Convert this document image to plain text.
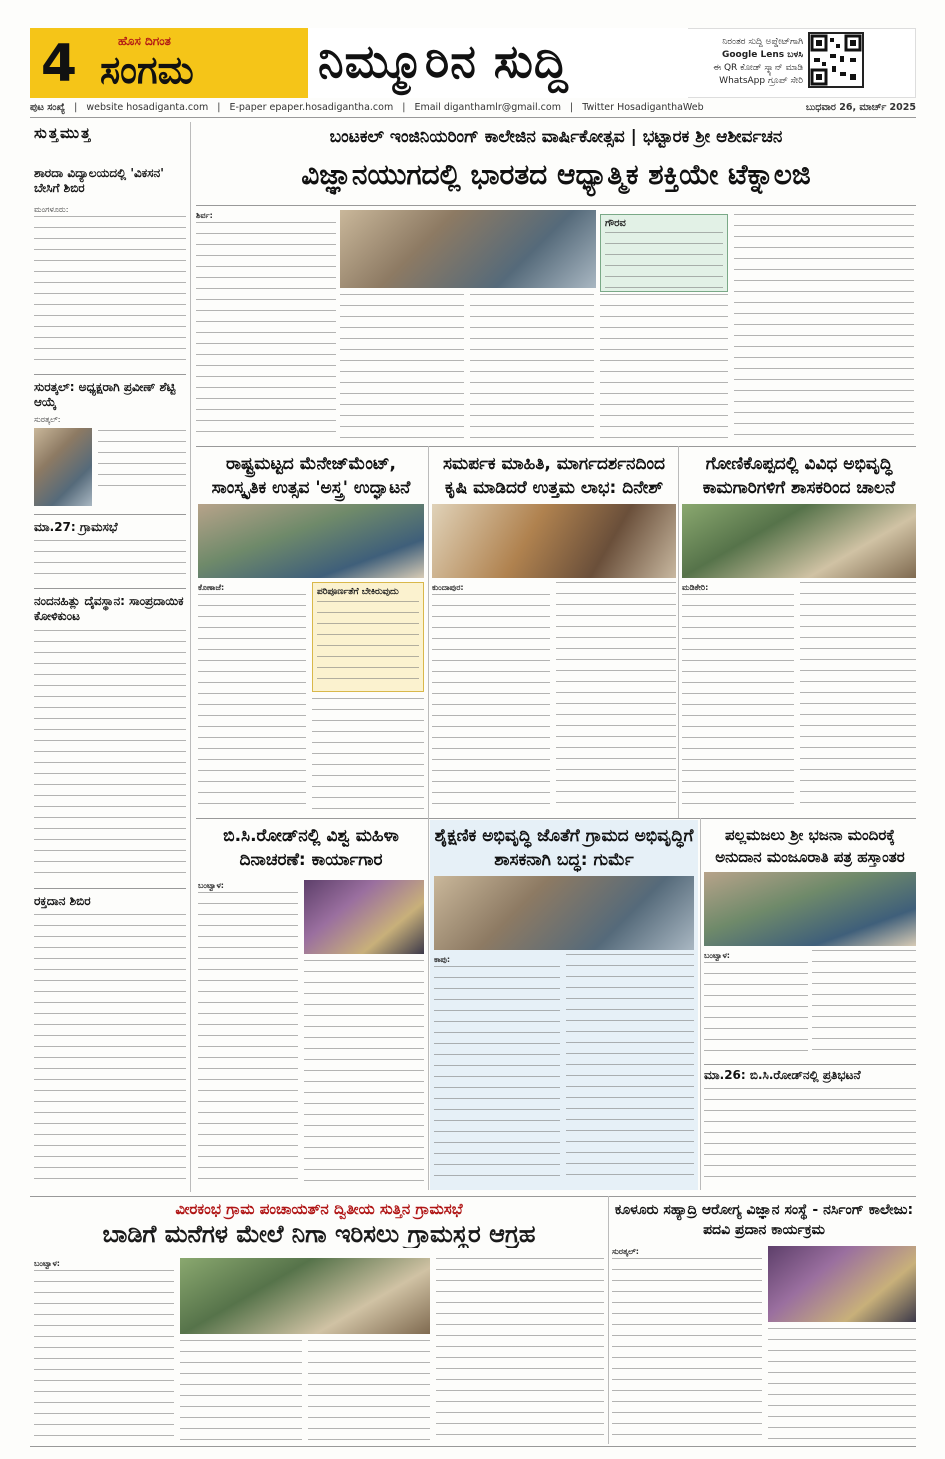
4	ಹೊಸ ದಿಗಂತ
ಸಂಗಮ	ನಿಮ್ಮೂರಿನ ಸುದ್ದಿ	ನಿರಂತರ ಸುದ್ದಿ ಅಪ್ಡೇಟ್‌ಗಾಗಿ
Google Lens ಬಳಸಿ
ಈ QR ಕೋಡ್ ಸ್ಕ್ಯಾನ್ ಮಾಡಿ
WhatsApp ಗ್ರೂಪ್ ಸೇರಿ
ಪುಟ ಸಂಖ್ಯೆ | website hosadiganta.com | E-paper epaper.hosadigantha.com | Email diganthamlr@gmail.com | Twitter HosadiganthaWeb	ಬುಧವಾರ 26, ಮಾರ್ಚ್ 2025
ಸುತ್ತಮುತ್ತ
ಶಾರದಾ ವಿದ್ಯಾಲಯದಲ್ಲಿ 'ವಿಕಸನ' ಬೇಸಿಗೆ ಶಿಬಿರ
ಮಂಗಳೂರು:
ಸುರತ್ಕಲ್: ಅಧ್ಯಕ್ಷರಾಗಿ ಪ್ರವೀಣ್ ಶೆಟ್ಟಿ ಆಯ್ಕೆ
ಸುರತ್ಕಲ್:
ಮಾ.27: ಗ್ರಾಮಸಭೆ
ನಂದನಹಿತ್ಲು ದೈವಸ್ಥಾನ: ಸಾಂಪ್ರದಾಯಿಕ ಕೋಳಿಕುಂಟ
ರಕ್ತದಾನ ಶಿಬಿರ
ಬಂಟಕಲ್ ಇಂಜಿನಿಯರಿಂಗ್ ಕಾಲೇಜಿನ ವಾರ್ಷಿಕೋತ್ಸವ | ಭಟ್ಟಾರಕ ಶ್ರೀ ಆಶೀರ್ವಚನ
ವಿಜ್ಞಾನಯುಗದಲ್ಲಿ ಭಾರತದ ಆಧ್ಯಾತ್ಮಿಕ ಶಕ್ತಿಯೇ ಟೆಕ್ನಾಲಜಿ
ಶಿರ್ವ:
ಗೌರವ
ರಾಷ್ಟ್ರಮಟ್ಟದ ಮೆನೇಜ್‌ಮೆಂಟ್, ಸಾಂಸ್ಕೃತಿಕ ಉತ್ಸವ 'ಅಸ್ತ್ರ' ಉದ್ಘಾಟನೆ
ಕೊಣಾಜೆ:	ಪರಿಪೂರ್ಣತೆಗೆ ಬೇಕಿರುವುದು
ಸಮರ್ಪಕ ಮಾಹಿತಿ, ಮಾರ್ಗದರ್ಶನದಿಂದ ಕೃಷಿ ಮಾಡಿದರೆ ಉತ್ತಮ ಲಾಭ: ದಿನೇಶ್
ಕುಂದಾಪುರ:
ಗೋಣಿಕೊಪ್ಪದಲ್ಲಿ ವಿವಿಧ ಅಭಿವೃದ್ಧಿ ಕಾಮಗಾರಿಗಳಿಗೆ ಶಾಸಕರಿಂದ ಚಾಲನೆ
ಮಡಿಕೇರಿ:
ಬಿ.ಸಿ.ರೋಡ್‌ನಲ್ಲಿ ವಿಶ್ವ ಮಹಿಳಾ ದಿನಾಚರಣೆ: ಕಾರ್ಯಾಗಾರ
ಬಂಟ್ವಾಳ:
ಶೈಕ್ಷಣಿಕ ಅಭಿವೃದ್ಧಿ ಜೊತೆಗೆ ಗ್ರಾಮದ ಅಭಿವೃದ್ಧಿಗೆ ಶಾಸಕನಾಗಿ ಬದ್ಧ: ಗುರ್ಮೆ
ಕಾಪು:
ಪಲ್ಲಮಜಲು ಶ್ರೀ ಭಜನಾ ಮಂದಿರಕ್ಕೆ ಅನುದಾನ ಮಂಜೂರಾತಿ ಪತ್ರ ಹಸ್ತಾಂತರ
ಬಂಟ್ವಾಳ:
ಮಾ.26: ಬಿ.ಸಿ.ರೋಡ್‌ನಲ್ಲಿ ಪ್ರತಿಭಟನೆ
ವೀರಕಂಭ ಗ್ರಾಮ ಪಂಚಾಯತ್‌ನ ದ್ವಿತೀಯ ಸುತ್ತಿನ ಗ್ರಾಮಸಭೆ
ಬಾಡಿಗೆ ಮನೆಗಳ ಮೇಲೆ ನಿಗಾ ಇರಿಸಲು ಗ್ರಾಮಸ್ಥರ ಆಗ್ರಹ
ಬಂಟ್ವಾಳ:
ಕೂಳೂರು ಸಹ್ಯಾದ್ರಿ ಆರೋಗ್ಯ ವಿಜ್ಞಾನ ಸಂಸ್ಥೆ - ನರ್ಸಿಂಗ್ ಕಾಲೇಜು: ಪದವಿ ಪ್ರದಾನ ಕಾರ್ಯಕ್ರಮ
ಸುರತ್ಕಲ್:
